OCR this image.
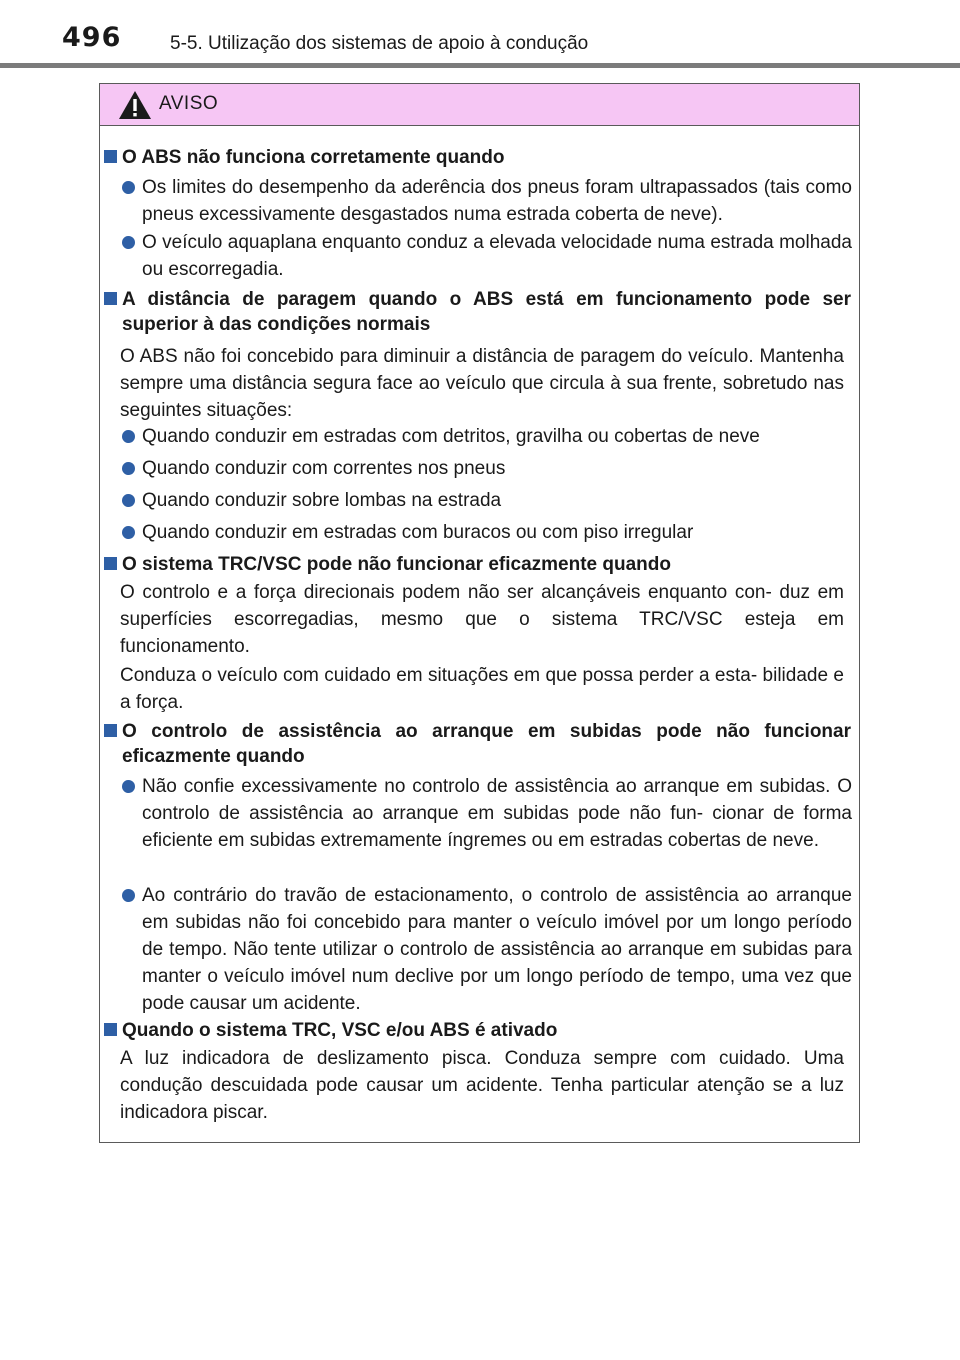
496	5-5. Utilização dos sistemas de apoio à condução
AVISO
O ABS não funciona corretamente quando
Os limites do desempenho da aderência dos pneus foram ultrapassados (tais como pneus excessivamente desgastados numa estrada coberta de neve).
O veículo aquaplana enquanto conduz a elevada velocidade numa estrada molhada ou escorregadia.
A distância de paragem quando o ABS está em funcionamento pode ser superior à das condições normais
O ABS não foi concebido para diminuir a distância de paragem do veículo. Mantenha sempre uma distância segura face ao veículo que circula à sua frente, sobretudo nas seguintes situações:
Quando conduzir em estradas com detritos, gravilha ou cobertas de neve
Quando conduzir com correntes nos pneus
Quando conduzir sobre lombas na estrada
Quando conduzir em estradas com buracos ou com piso irregular
O sistema TRC/VSC pode não funcionar eficazmente quando
O controlo e a força direcionais podem não ser alcançáveis enquanto con- duz em superfícies escorregadias, mesmo que o sistema TRC/VSC esteja em funcionamento.
Conduza o veículo com cuidado em situações em que possa perder a esta- bilidade e a força.
O controlo de assistência ao arranque em subidas pode não funcionar eficazmente quando
Não confie excessivamente no controlo de assistência ao arranque em subidas. O controlo de assistência ao arranque em subidas pode não fun- cionar de forma eficiente em subidas extremamente íngremes ou em estradas cobertas de neve.
Ao contrário do travão de estacionamento, o controlo de assistência ao arranque em subidas não foi concebido para manter o veículo imóvel por um longo período de tempo. Não tente utilizar o controlo de assistência ao arranque em subidas para manter o veículo imóvel num declive por um longo período de tempo, uma vez que pode causar um acidente.
Quando o sistema TRC, VSC e/ou ABS é ativado
A luz indicadora de deslizamento pisca. Conduza sempre com cuidado. Uma condução descuidada pode causar um acidente. Tenha particular atenção se a luz indicadora piscar.
